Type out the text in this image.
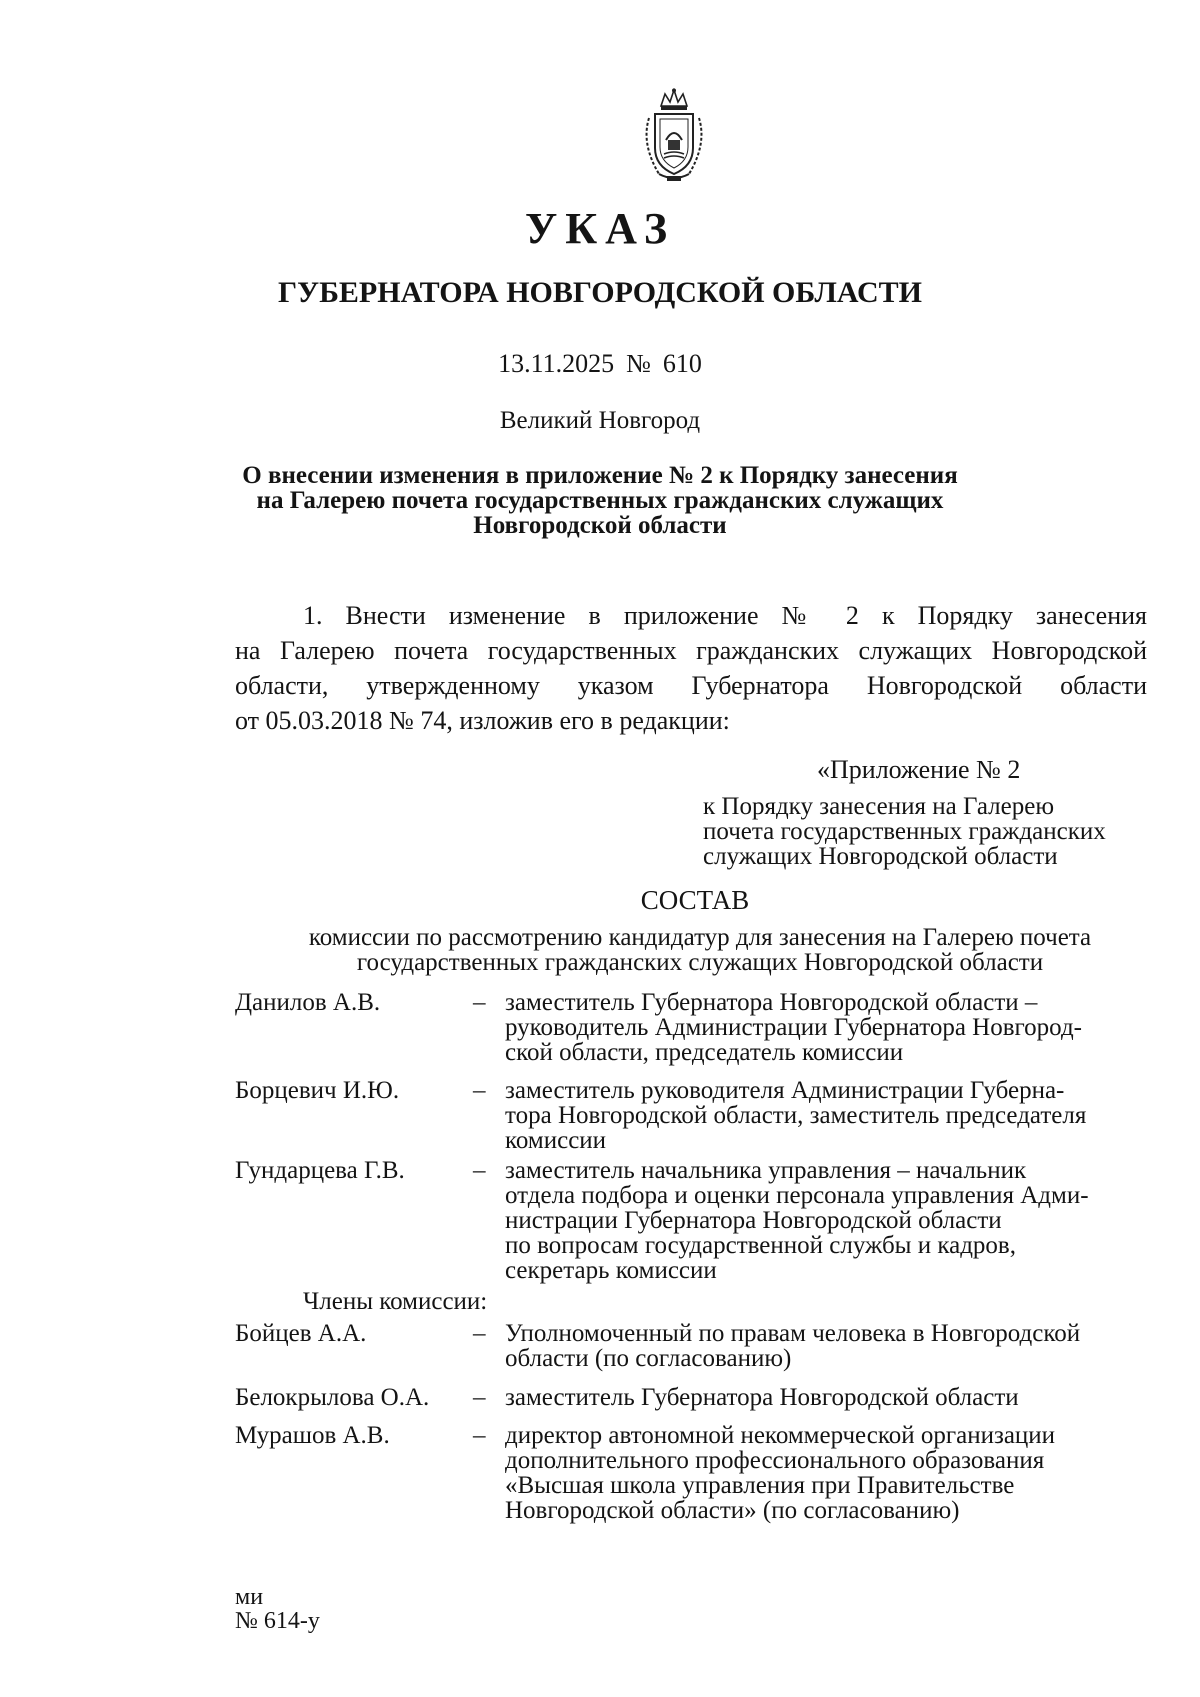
УКАЗ
ГУБЕРНАТОРА НОВГОРОДСКОЙ ОБЛАСТИ
13.11.2025 № 610
Великий Новгород
О внесении изменения в приложение № 2 к Порядку занесения
на Галерею почета государственных гражданских служащих
Новгородской области
1. Внести изменение в приложение № 2 к Порядку занесения
на Галерею почета государственных гражданских служащих Новгородской
области, утвержденному указом Губернатора Новгородской области
от 05.03.2018 № 74, изложив его в редакции:
«Приложение № 2
к Порядку занесения на Галерею
почета государственных гражданских
служащих Новгородской области
СОСТАВ
комиссии по рассмотрению кандидатур для занесения на Галерею почета
государственных гражданских служащих Новгородской области
Данилов А.В.	– заместитель Губернатора Новгородской области –
руководитель Администрации Губернатора Новгород-
ской области, председатель комиссии
Борцевич И.Ю.	– заместитель руководителя Администрации Губерна-
тора Новгородской области, заместитель председателя
комиссии
Гундарцева Г.В.	– заместитель начальника управления – начальник
отдела подбора и оценки персонала управления Адми-
нистрации Губернатора Новгородской области
по вопросам государственной службы и кадров,
секретарь комиссии
Бойцев А.А.	– Уполномоченный по правам человека в Новгородской
области (по согласованию)
Белокрылова О.А. – заместитель Губернатора Новгородской области
Мурашов А.В.	– директор автономной некоммерческой организации
дополнительного профессионального образования
«Высшая школа управления при Правительстве
Новгородской области» (по согласованию)
Члены комиссии:
ми
№ 614-у
